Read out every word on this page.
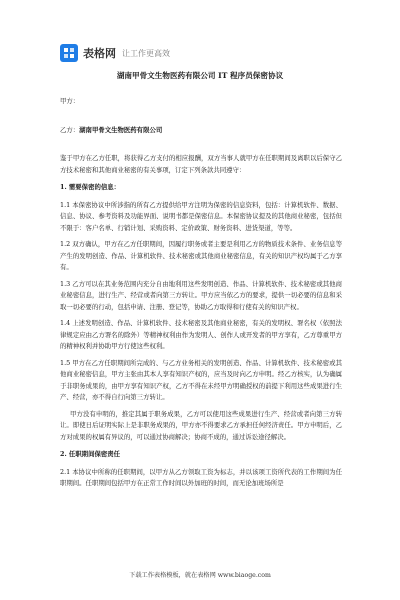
表格网 让工作更高效
湖南甲骨文生物医药有限公司 IT 程序员保密协议

甲方：

乙方：湖南甲骨文生物医药有限公司

鉴于甲方在乙方任职，将获得乙方支付的相应报酬，双方当事人就甲方在任职期间及离职以后保守乙方技术秘密和其他商业秘密的有关事项，订定下列条款共同遵守：

1. 需要保密的信息：

1.1 本保密协议中所涉指的所有乙方提供给甲方注明为保密的信息资料，包括：计算机软件、数据、信息、协议、参考资料及功能界面、说明书都是保密信息。本保密协议提及的其他商业秘密，包括但不限于：客户名单、行销计划、采购资料、定价政策、财务资料、进货渠道，等等。

1.2 双方确认，甲方在乙方任职期间，因履行职务或者主要是利用乙方的物质技术条件、业务信息等产生的发明创造、作品、计算机软件、技术秘密或其他商业秘密信息，有关的知识产权均属于乙方享有。

1.3 乙方可以在其业务范围内充分自由地利用这些发明创造、作品、计算机软件、技术秘密或其他商业秘密信息，进行生产、经营或者向第三方转让。甲方应当依乙方的要求，提供一切必要的信息和采取一切必要的行动，包括申请、注册、登记等，协助乙方取得和行使有关的知识产权。

1.4 上述发明创造、作品、计算机软件、技术秘密及其他商业秘密，有关的发明权、署名权（依照法律规定应由乙方署名的除外）等精神权利由作为发明人、创作人或开发者的甲方享有，乙方尊重甲方的精神权利并协助甲方行使这些权利。

1.5 甲方在乙方任职期间所完成的、与乙方业务相关的发明创造、作品、计算机软件、技术秘密或其他商业秘密信息，甲方主张由其本人享有知识产权的，应当及时向乙方申明。经乙方核实，认为确属于非职务成果的，由甲方享有知识产权，乙方不得在未经甲方明确授权的前提下利用这些成果进行生产、经营，亦不得自行向第三方转让。

甲方没有申明的，推定其属于职务成果，乙方可以使用这些成果进行生产、经营或者向第三方转让。即使日后证明实际上是非职务成果的，甲方亦不得要求乙方承担任何经济责任。甲方申明后，乙方对成果的权属有异议的，可以通过协商解决；协商不成的，通过诉讼途径解决。

2. 任职期间保密责任

2.1 本协议中所称的任职期间，以甲方从乙方领取工资为标志，并以该项工资所代表的工作期间为任职期间。任职期间包括甲方在正常工作时间以外加班的时间，而无论加班场所是

下载工作表格模板，就在表格网 www.biaoge.com
